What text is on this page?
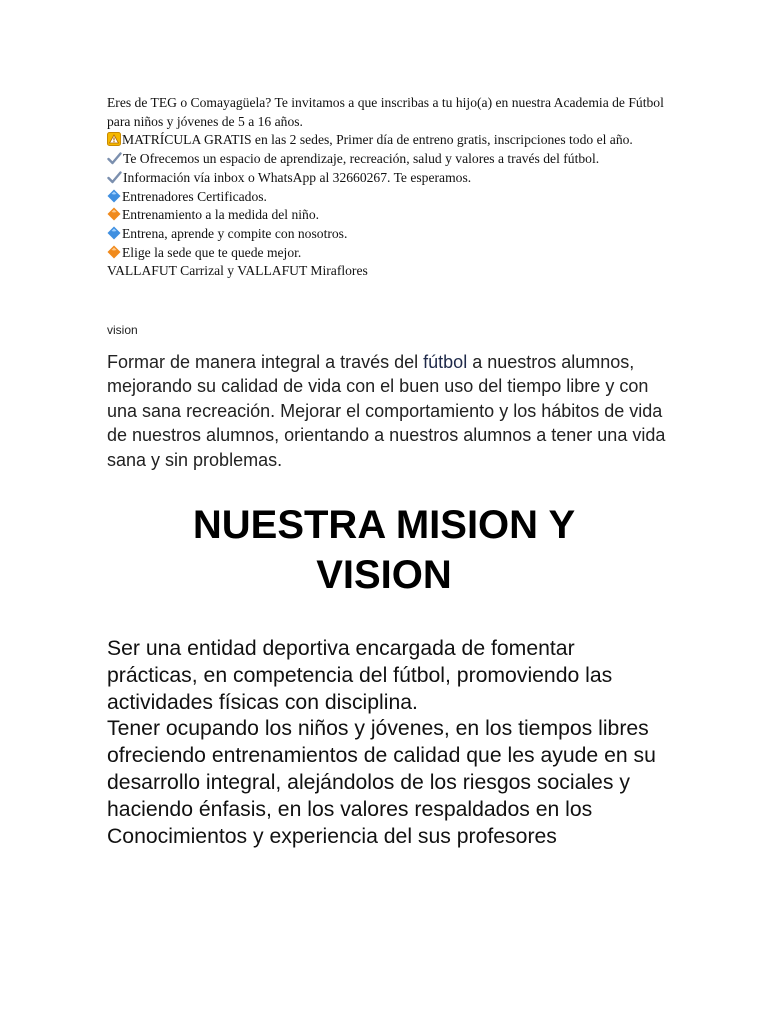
Eres de TEG o Comayagüela? Te invitamos a que inscribas a tu hijo(a) en nuestra Academia de Fútbol para niños y jóvenes de 5 a 16 años.
MATRÍCULA GRATIS en las 2 sedes, Primer día de entreno gratis, inscripciones todo el año.
Te Ofrecemos un espacio de aprendizaje, recreación, salud y valores a través del fútbol.
Información vía inbox o WhatsApp al 32660267. Te esperamos.
Entrenadores Certificados.
Entrenamiento a la medida del niño.
Entrena, aprende y compite con nosotros.
Elige la sede que te quede mejor.
VALLAFUT Carrizal y VALLAFUT Miraflores
vision

Formar de manera integral a través del fútbol a nuestros alumnos, mejorando su calidad de vida con el buen uso del tiempo libre y con una sana recreación. Mejorar el comportamiento y los hábitos de vida de nuestros alumnos, orientando a nuestros alumnos a tener una vida sana y sin problemas.

NUESTRA MISION Y VISION
Ser una entidad deportiva encargada de fomentar prácticas, en competencia del fútbol, promoviendo las actividades físicas con disciplina.
Tener ocupando los niños y jóvenes, en los tiempos libres ofreciendo entrenamientos de calidad que les ayude en su desarrollo integral, alejándolos de los riesgos sociales y haciendo énfasis, en los valores respaldados en los Conocimientos y experiencia del sus profesores
